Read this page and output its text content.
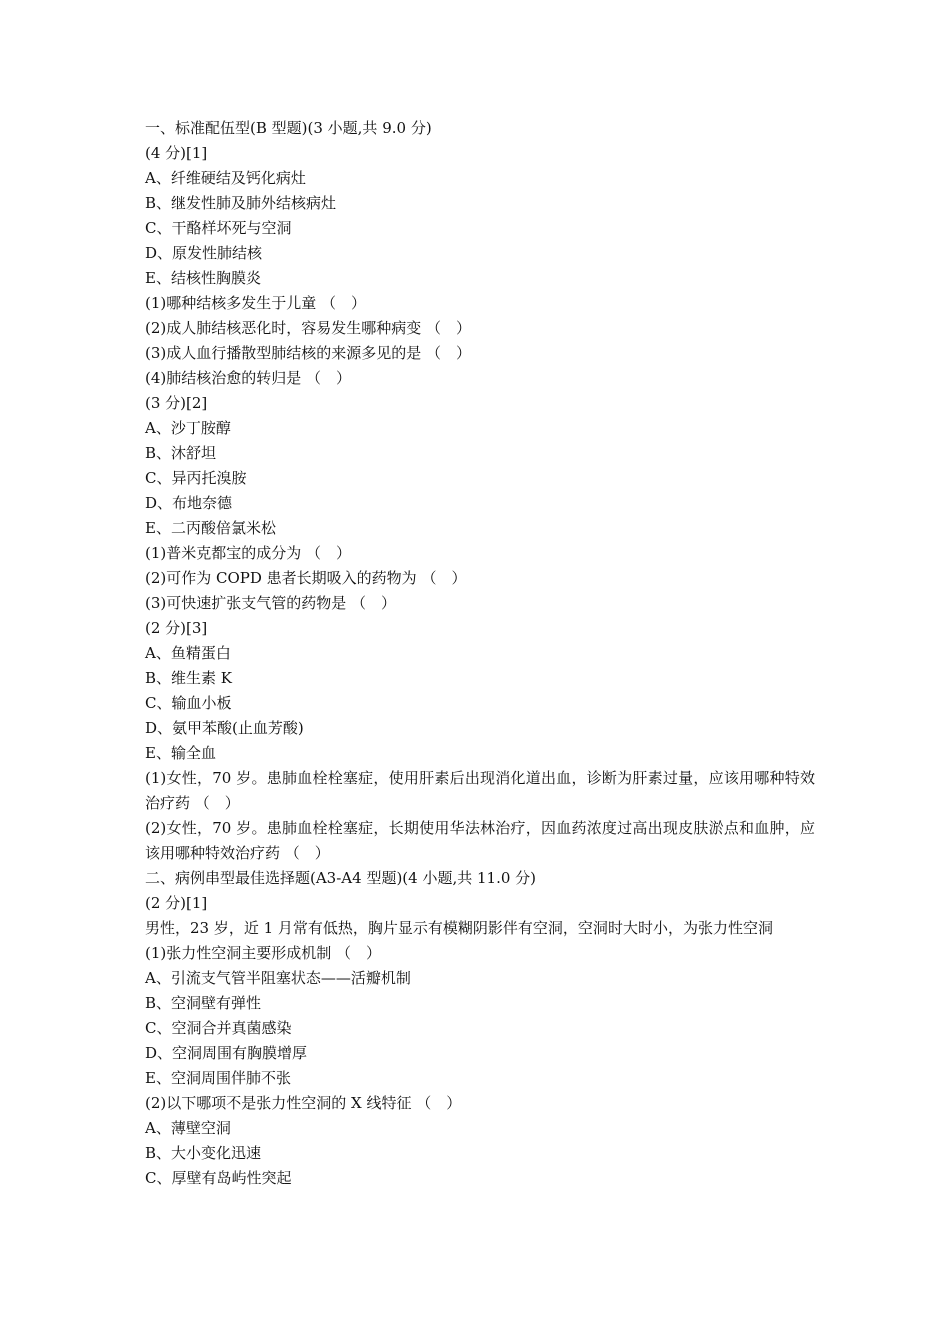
一、标准配伍型(B 型题)(3 小题,共 9.0 分)
(4 分)[1]
A、纤维硬结及钙化病灶
B、继发性肺及肺外结核病灶
C、干酪样坏死与空洞
D、原发性肺结核
E、结核性胸膜炎
(1)哪种结核多发生于儿童 （　）
(2)成人肺结核恶化时，容易发生哪种病变 （　）
(3)成人血行播散型肺结核的来源多见的是 （　）
(4)肺结核治愈的转归是 （　）
(3 分)[2]
A、沙丁胺醇
B、沐舒坦
C、异丙托溴胺
D、布地奈德
E、二丙酸倍氯米松
(1)普米克都宝的成分为 （　）
(2)可作为 COPD 患者长期吸入的药物为 （　）
(3)可快速扩张支气管的药物是 （　）
(2 分)[3]
A、鱼精蛋白
B、维生素 K
C、输血小板
D、氨甲苯酸(止血芳酸)
E、输全血
(1)女性，70 岁。患肺血栓栓塞症，使用肝素后出现消化道出血，诊断为肝素过量，应该用哪种特效治疗药 （　）
(2)女性，70 岁。患肺血栓栓塞症，长期使用华法林治疗，因血药浓度过高出现皮肤淤点和血肿，应该用哪种特效治疗药 （　）
二、病例串型最佳选择题(A3-A4 型题)(4 小题,共 11.0 分)
(2 分)[1]
男性，23 岁，近 1 月常有低热，胸片显示有模糊阴影伴有空洞，空洞时大时小，为张力性空洞
(1)张力性空洞主要形成机制 （　）
A、引流支气管半阻塞状态——活瓣机制
B、空洞壁有弹性
C、空洞合并真菌感染
D、空洞周围有胸膜增厚
E、空洞周围伴肺不张
(2)以下哪项不是张力性空洞的 X 线特征 （　）
A、薄壁空洞
B、大小变化迅速
C、厚壁有岛屿性突起
